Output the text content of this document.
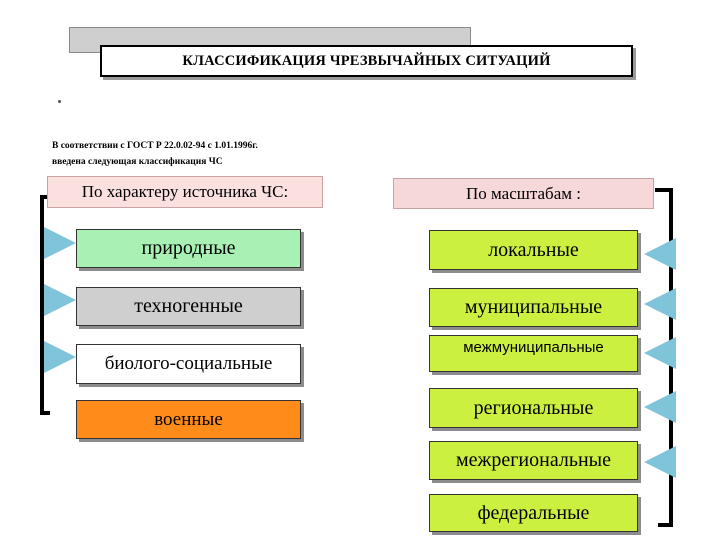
КЛАССИФИКАЦИЯ ЧРЕЗВЫЧАЙНЫХ СИТУАЦИЙ
В соответствии с ГОСТ Р 22.0.02-94 с 1.01.1996г.
введена следующая классификация ЧС
По характеру источника ЧС:	По масштабам :
природные
техногенные
биолого-социальные
военные
локальные
муниципальные
межмуниципальные
региональные
межрегиональные
федеральные
